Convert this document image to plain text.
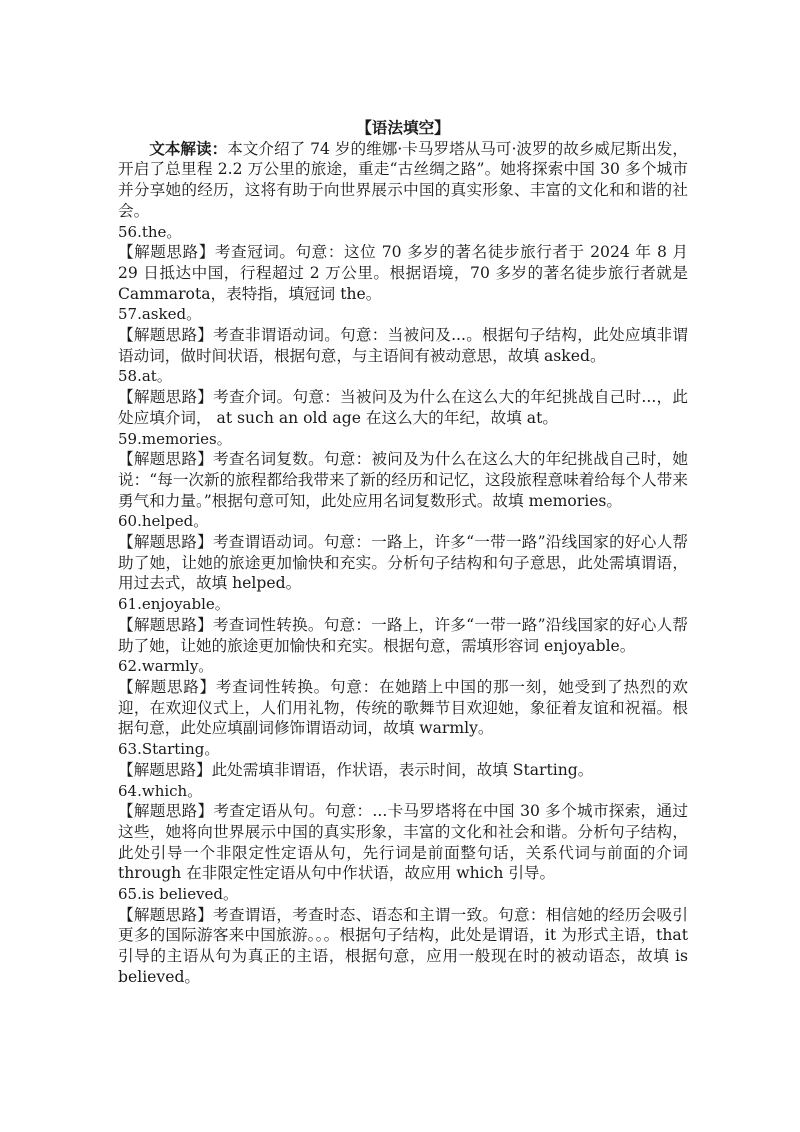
【语法填空】

文本解读：本文介绍了 74 岁的维娜·卡马罗塔从马可·波罗的故乡威尼斯出发，开启了总里程 2.2 万公里的旅途，重走“古丝绸之路”。她将探索中国 30 多个城市并分享她的经历，这将有助于向世界展示中国的真实形象、丰富的文化和和谐的社会。

56.the。

【解题思路】考查冠词。句意：这位 70 多岁的著名徒步旅行者于 2024 年 8 月 29 日抵达中国，行程超过 2 万公里。根据语境，70 多岁的著名徒步旅行者就是 Cammarota，表特指，填冠词 the。

57.asked。

【解题思路】考查非谓语动词。句意：当被问及...。根据句子结构，此处应填非谓语动词，做时间状语，根据句意，与主语间有被动意思，故填 asked。

58.at。

【解题思路】考查介词。句意：当被问及为什么在这么大的年纪挑战自己时...，此处应填介词， at such an old age 在这么大的年纪，故填 at。

59.memories。

【解题思路】考查名词复数。句意：被问及为什么在这么大的年纪挑战自己时，她说：“每一次新的旅程都给我带来了新的经历和记忆，这段旅程意味着给每个人带来勇气和力量。”根据句意可知，此处应用名词复数形式。故填 memories。

60.helped。

【解题思路】考查谓语动词。句意：一路上，许多“一带一路”沿线国家的好心人帮助了她，让她的旅途更加愉快和充实。分析句子结构和句子意思，此处需填谓语，用过去式，故填 helped。

61.enjoyable。

【解题思路】考查词性转换。句意：一路上，许多“一带一路”沿线国家的好心人帮助了她，让她的旅途更加愉快和充实。根据句意，需填形容词 enjoyable。

62.warmly。

【解题思路】考查词性转换。句意：在她踏上中国的那一刻，她受到了热烈的欢迎，在欢迎仪式上，人们用礼物，传统的歌舞节目欢迎她，象征着友谊和祝福。根据句意，此处应填副词修饰谓语动词，故填 warmly。

63.Starting。

【解题思路】此处需填非谓语，作状语，表示时间，故填 Starting。

64.which。

【解题思路】考查定语从句。句意：...卡马罗塔将在中国 30 多个城市探索，通过这些，她将向世界展示中国的真实形象，丰富的文化和社会和谐。分析句子结构，此处引导一个非限定性定语从句，先行词是前面整句话，关系代词与前面的介词 through 在非限定性定语从句中作状语，故应用 which 引导。

65.is believed。

【解题思路】考查谓语，考查时态、语态和主谓一致。句意：相信她的经历会吸引更多的国际游客来中国旅游。。。根据句子结构，此处是谓语，it 为形式主语，that 引导的主语从句为真正的主语，根据句意，应用一般现在时的被动语态，故填 is believed。
